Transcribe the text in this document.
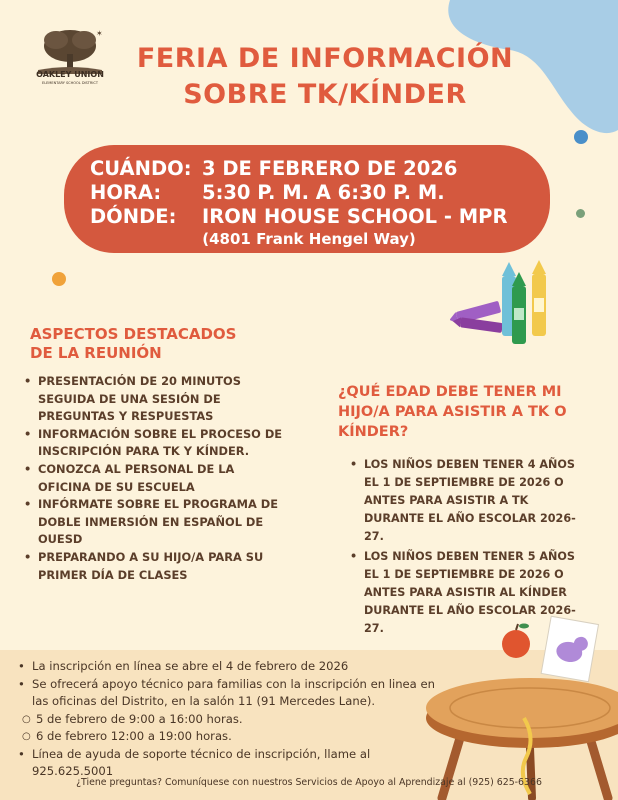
✶
OAKLEY UNION
ELEMENTARY SCHOOL DISTRICT
FERIA DE INFORMACIÓN
SOBRE TK/KÍNDER
CUÁNDO: 3 DE FEBRERO DE 2026
HORA: 5:30 P. M. A 6:30 P. M.
DÓNDE: IRON HOUSE SCHOOL - MPR
(4801 Frank Hengel Way)
ASPECTOS DESTACADOS
DE LA REUNIÓN
• PRESENTACIÓN DE 20 MINUTOS SEGUIDA DE UNA SESIÓN DE PREGUNTAS Y RESPUESTAS
• INFORMACIÓN SOBRE EL PROCESO DE INSCRIPCIÓN PARA TK Y KÍNDER.
• CONOZCA AL PERSONAL DE LA OFICINA DE SU ESCUELA
• INFÓRMATE SOBRE EL PROGRAMA DE DOBLE INMERSIÓN EN ESPAÑOL DE OUESD
• PREPARANDO A SU HIJO/A PARA SU PRIMER DÍA DE CLASES
¿QUÉ EDAD DEBE TENER MI HIJO/A PARA ASISTIR A TK O KÍNDER?
• LOS NIÑOS DEBEN TENER 4 AÑOS EL 1 DE SEPTIEMBRE DE 2026 O ANTES PARA ASISTIR A TK DURANTE EL AÑO ESCOLAR 2026-27.
• LOS NIÑOS DEBEN TENER 5 AÑOS EL 1 DE SEPTIEMBRE DE 2026 O ANTES PARA ASISTIR AL KÍNDER DURANTE EL AÑO ESCOLAR 2026-27.
• La inscripción en línea se abre el 4 de febrero de 2026
• Se ofrecerá apoyo técnico para familias con la inscripción en linea en las oficinas del Distrito, en la salón 11 (91 Mercedes Lane).
○ 5 de febrero de 9:00 a 16:00 horas.
○ 6 de febrero 12:00 a 19:00 horas.
• Línea de ayuda de soporte técnico de inscripción, llame al 925.625.5001
¿Tiene preguntas? Comuníquese con nuestros Servicios de Apoyo al Aprendizaje al (925) 625-6366
